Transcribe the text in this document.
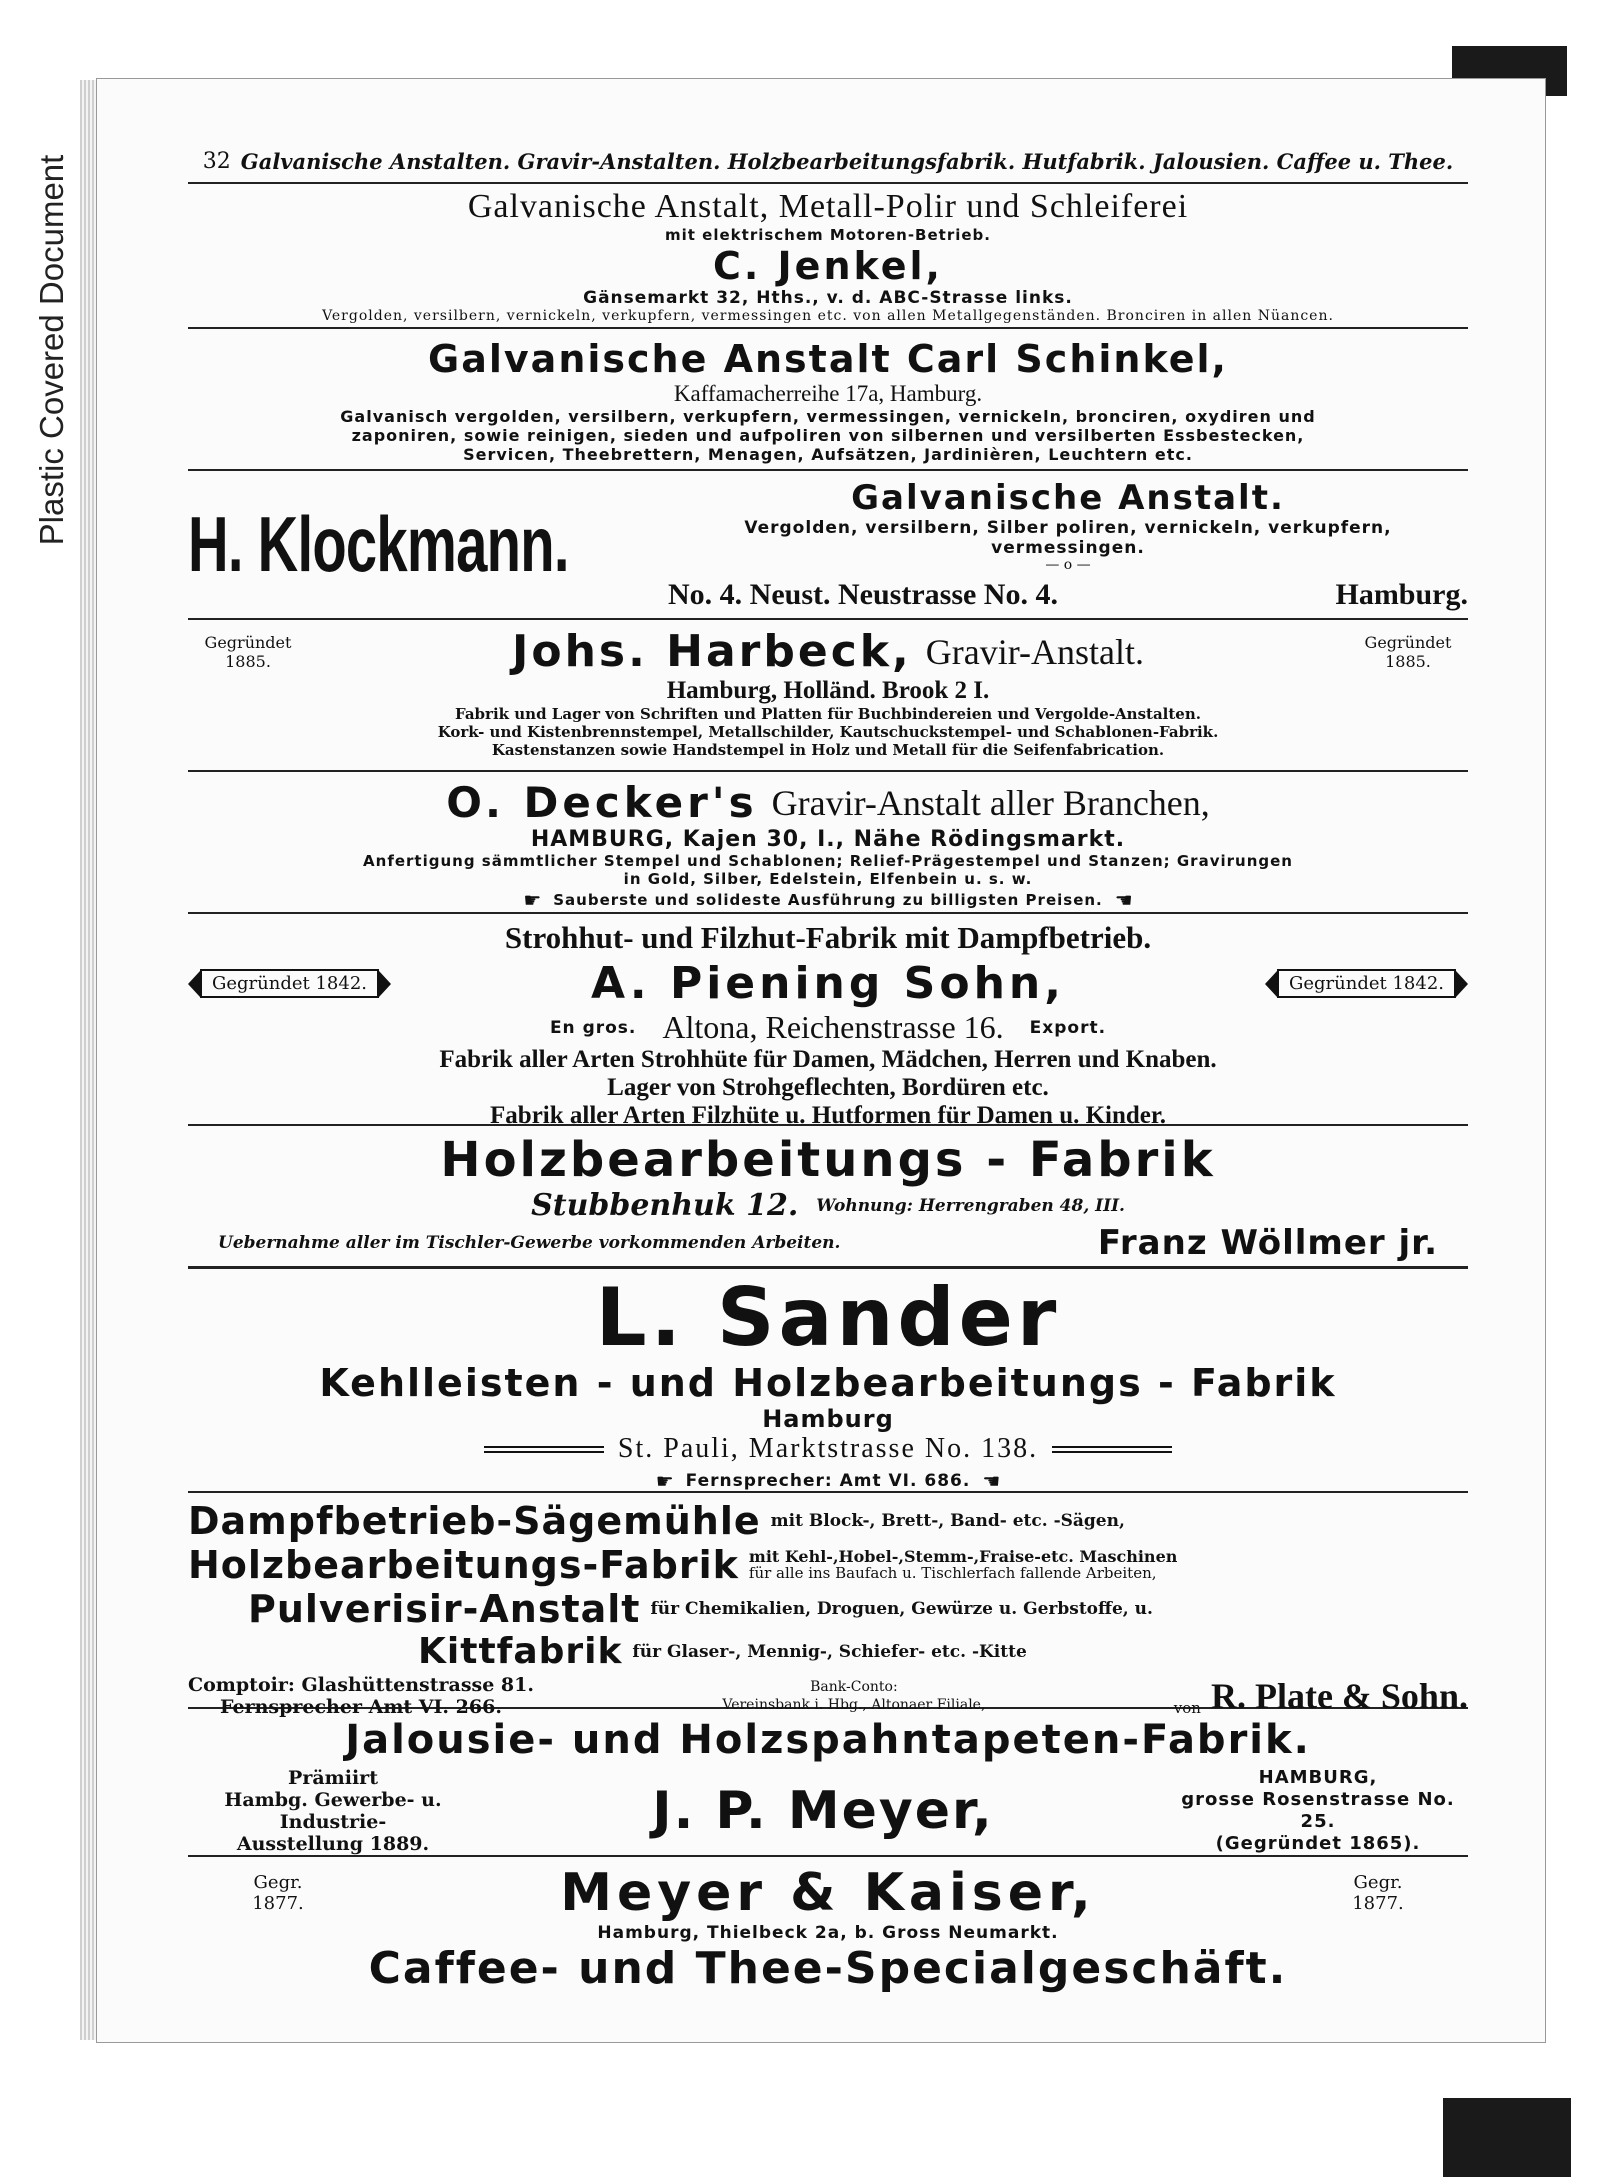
Plastic Covered Document	32 Galvanische Anstalten. Gravir-Anstalten. Holzbearbeitungsfabrik. Hutfabrik. Jalousien. Caffee u. Thee.
Galvanische Anstalt, Metall-Polir und Schleiferei
mit elektrischem Motoren-Betrieb.
C. Jenkel,
Gänsemarkt 32, Hths., v. d. ABC-Strasse links.
Vergolden, versilbern, vernickeln, verkupfern, vermessingen etc. von allen Metallgegenständen. Bronciren in allen Nüancen.
Galvanische Anstalt Carl Schinkel,
Kaffamacherreihe 17a, Hamburg.
Galvanisch vergolden, versilbern, verkupfern, vermessingen, vernickeln, bronciren, oxydiren und
zaponiren, sowie reinigen, sieden und aufpoliren von silbernen und versilberten Essbestecken,
Servicen, Theebrettern, Menagen, Aufsätzen, Jardinièren, Leuchtern etc.
H. Klockmann.
Galvanische Anstalt.
Vergolden, versilbern, Silber poliren, vernickeln, verkupfern, vermessingen.
— o —
No. 4. Neust. Neustrasse No. 4.	Hamburg.
Gegründet
1885.	Johs. Harbeck, Gravir-Anstalt.	Gegründet
1885.
Hamburg, Holländ. Brook 2 I.
Fabrik und Lager von Schriften und Platten für Buchbindereien und Vergolde-Anstalten.
Kork- und Kistenbrennstempel, Metallschilder, Kautschuckstempel- und Schablonen-Fabrik.
Kastenstanzen sowie Handstempel in Holz und Metall für die Seifenfabrication.
O. Decker's Gravir-Anstalt aller Branchen,
HAMBURG, Kajen 30, I., Nähe Rödingsmarkt.
Anfertigung sämmtlicher Stempel und Schablonen; Relief-Prägestempel und Stanzen; Gravirungen
in Gold, Silber, Edelstein, Elfenbein u. s. w.
☛ Sauberste und solideste Ausführung zu billigsten Preisen. ☚
Strohhut- und Filzhut-Fabrik mit Dampfbetrieb.
Gegründet 1842.	A. Piening Sohn,	Gegründet 1842.
En gros. Altona, Reichenstrasse 16. Export.
Fabrik aller Arten Strohhüte für Damen, Mädchen, Herren und Knaben.
Lager von Strohgeflechten, Bordüren etc.
Fabrik aller Arten Filzhüte u. Hutformen für Damen u. Kinder.
Holzbearbeitungs - Fabrik
Stubbenhuk 12. Wohnung: Herrengraben 48, III.
Uebernahme aller im Tischler-Gewerbe vorkommenden Arbeiten.	Franz Wöllmer jr.
L. Sander
Kehlleisten - und Holzbearbeitungs - Fabrik
Hamburg
St. Pauli, Marktstrasse No. 138.
☛ Fernsprecher: Amt VI. 686. ☚
Dampfbetrieb-Sägemühle mit Block-, Brett-, Band- etc. -Sägen,
Holzbearbeitungs-Fabrik mit Kehl-,Hobel-,Stemm-,Fraise-etc. Maschinen
für alle ins Baufach u. Tischlerfach fallende Arbeiten,
Pulverisir-Anstalt für Chemikalien, Droguen, Gewürze u. Gerbstoffe, u.
Kittfabrik für Glaser-, Mennig-, Schiefer- etc. -Kitte
Comptoir: Glashüttenstrasse 81.
Fernsprecher Amt VI. 266.
Bank-Conto:
Vereinsbank i. Hbg., Altonaer Filiale,	von R. Plate & Sohn.
Jalousie- und Holzspahntapeten-Fabrik.
Prämiirt
Hambg. Gewerbe- u. Industrie-
Ausstellung 1889.
J. P. Meyer,
HAMBURG,
grosse Rosenstrasse No. 25.
(Gegründet 1865).
Gegr.
1877.	Meyer & Kaiser,	Gegr.
1877.
Hamburg, Thielbeck 2a, b. Gross Neumarkt.
Caffee- und Thee-Specialgeschäft.
